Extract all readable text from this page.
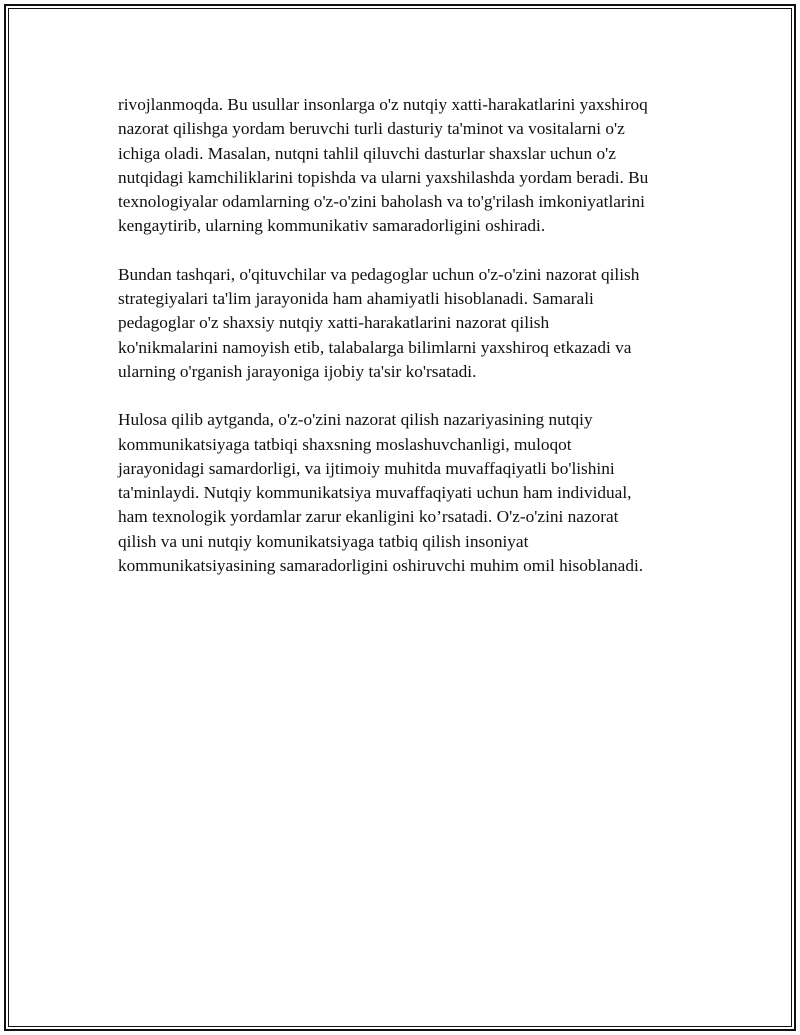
rivojlanmoqda. Bu usullar insonlarga o'z nutqiy xatti-harakatlarini yaxshiroq
nazorat qilishga yordam beruvchi turli dasturiy ta'minot va vositalarni o'z
ichiga oladi. Masalan, nutqni tahlil qiluvchi dasturlar shaxslar uchun o'z
nutqidagi kamchiliklarini topishda va ularni yaxshilashda yordam beradi. Bu
texnologiyalar odamlarning o'z-o'zini baholash va to'g'rilash imkoniyatlarini
kengaytirib, ularning kommunikativ samaradorligini oshiradi.

Bundan tashqari, o'qituvchilar va pedagoglar uchun o'z-o'zini nazorat qilish
strategiyalari ta'lim jarayonida ham ahamiyatli hisoblanadi. Samarali
pedagoglar o'z shaxsiy nutqiy xatti-harakatlarini nazorat qilish
ko'nikmalarini namoyish etib, talabalarga bilimlarni yaxshiroq etkazadi va
ularning o'rganish jarayoniga ijobiy ta'sir ko'rsatadi.

Hulosa qilib aytganda, o'z-o'zini nazorat qilish nazariyasining nutqiy
kommunikatsiyaga tatbiqi shaxsning moslashuvchanligi, muloqot
jarayonidagi samardorligi, va ijtimoiy muhitda muvaffaqiyatli bo'lishini
ta'minlaydi. Nutqiy kommunikatsiya muvaffaqiyati uchun ham individual,
ham texnologik yordamlar zarur ekanligini ko’rsatadi. O'z-o'zini nazorat
qilish va uni nutqiy komunikatsiyaga tatbiq qilish insoniyat
kommunikatsiyasining samaradorligini oshiruvchi muhim omil hisoblanadi.
